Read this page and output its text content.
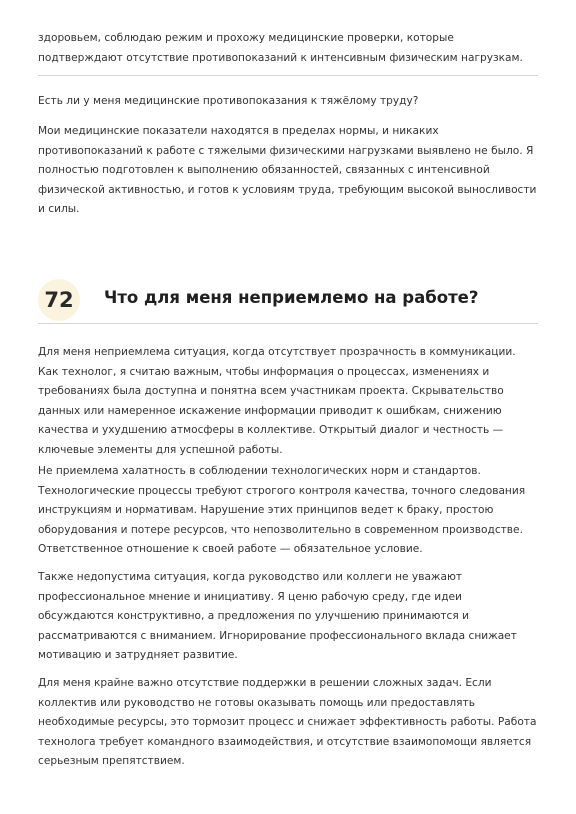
здоровьем, соблюдаю режим и прохожу медицинские проверки, которые подтверждают отсутствие противопоказаний к интенсивным физическим нагрузкам.

Есть ли у меня медицинские противопоказания к тяжёлому труду?

Мои медицинские показатели находятся в пределах нормы, и никаких противопоказаний к работе с тяжелыми физическими нагрузками выявлено не было. Я полностью подготовлен к выполнению обязанностей, связанных с интенсивной физической активностью, и готов к условиям труда, требующим высокой выносливости и силы.

72	Что для меня неприемлемо на работе?

Для меня неприемлема ситуация, когда отсутствует прозрачность в коммуникации. Как технолог, я считаю важным, чтобы информация о процессах, изменениях и требованиях была доступна и понятна всем участникам проекта. Скрывательство данных или намеренное искажение информации приводит к ошибкам, снижению качества и ухудшению атмосферы в коллективе. Открытый диалог и честность — ключевые элементы для успешной работы.

Не приемлема халатность в соблюдении технологических норм и стандартов. Технологические процессы требуют строгого контроля качества, точного следования инструкциям и нормативам. Нарушение этих принципов ведет к браку, простою оборудования и потере ресурсов, что непозволительно в современном производстве. Ответственное отношение к своей работе — обязательное условие.

Также недопустима ситуация, когда руководство или коллеги не уважают профессиональное мнение и инициативу. Я ценю рабочую среду, где идеи обсуждаются конструктивно, а предложения по улучшению принимаются и рассматриваются с вниманием. Игнорирование профессионального вклада снижает мотивацию и затрудняет развитие.

Для меня крайне важно отсутствие поддержки в решении сложных задач. Если коллектив или руководство не готовы оказывать помощь или предоставлять необходимые ресурсы, это тормозит процесс и снижает эффективность работы. Работа технолога требует командного взаимодействия, и отсутствие взаимопомощи является серьезным препятствием.
